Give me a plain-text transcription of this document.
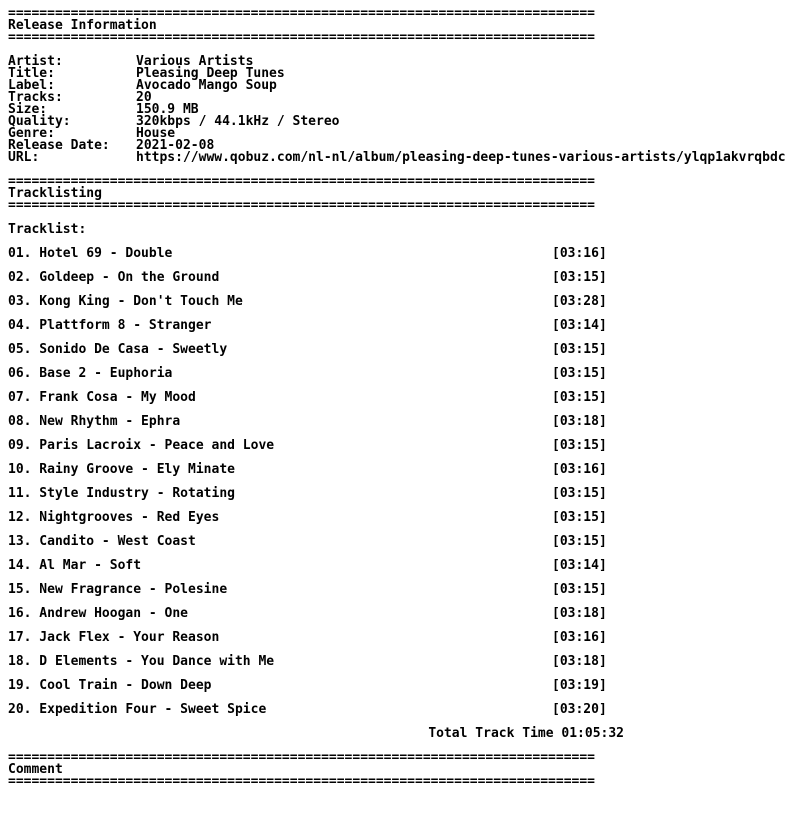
===========================================================================
Release Information
===========================================================================
Artist:	Various Artists
Title:	Pleasing Deep Tunes
Label:	Avocado Mango Soup
Tracks:	20
Size:	150.9 MB
Quality:	320kbps / 44.1kHz / Stereo
Genre:	House
Release Date:	2021-02-08
URL:	https://www.qobuz.com/nl-nl/album/pleasing-deep-tunes-various-artists/ylqp1akvrqbdc
===========================================================================
Tracklisting
===========================================================================
Tracklist:
01. Hotel 69 - Double	[03:16]
02. Goldeep - On the Ground	[03:15]
03. Kong King - Don't Touch Me	[03:28]
04. Plattform 8 - Stranger	[03:14]
05. Sonido De Casa - Sweetly	[03:15]
06. Base 2 - Euphoria	[03:15]
07. Frank Cosa - My Mood	[03:15]
08. New Rhythm - Ephra	[03:18]
09. Paris Lacroix - Peace and Love	[03:15]
10. Rainy Groove - Ely Minate	[03:16]
11. Style Industry - Rotating	[03:15]
12. Nightgrooves - Red Eyes	[03:15]
13. Candito - West Coast	[03:15]
14. Al Mar - Soft	[03:14]
15. New Fragrance - Polesine	[03:15]
16. Andrew Hoogan - One	[03:18]
17. Jack Flex - Your Reason	[03:16]
18. D Elements - You Dance with Me	[03:18]
19. Cool Train - Down Deep	[03:19]
20. Expedition Four - Sweet Spice	[03:20]
Total Track Time 01:05:32
===========================================================================
Comment
===========================================================================
